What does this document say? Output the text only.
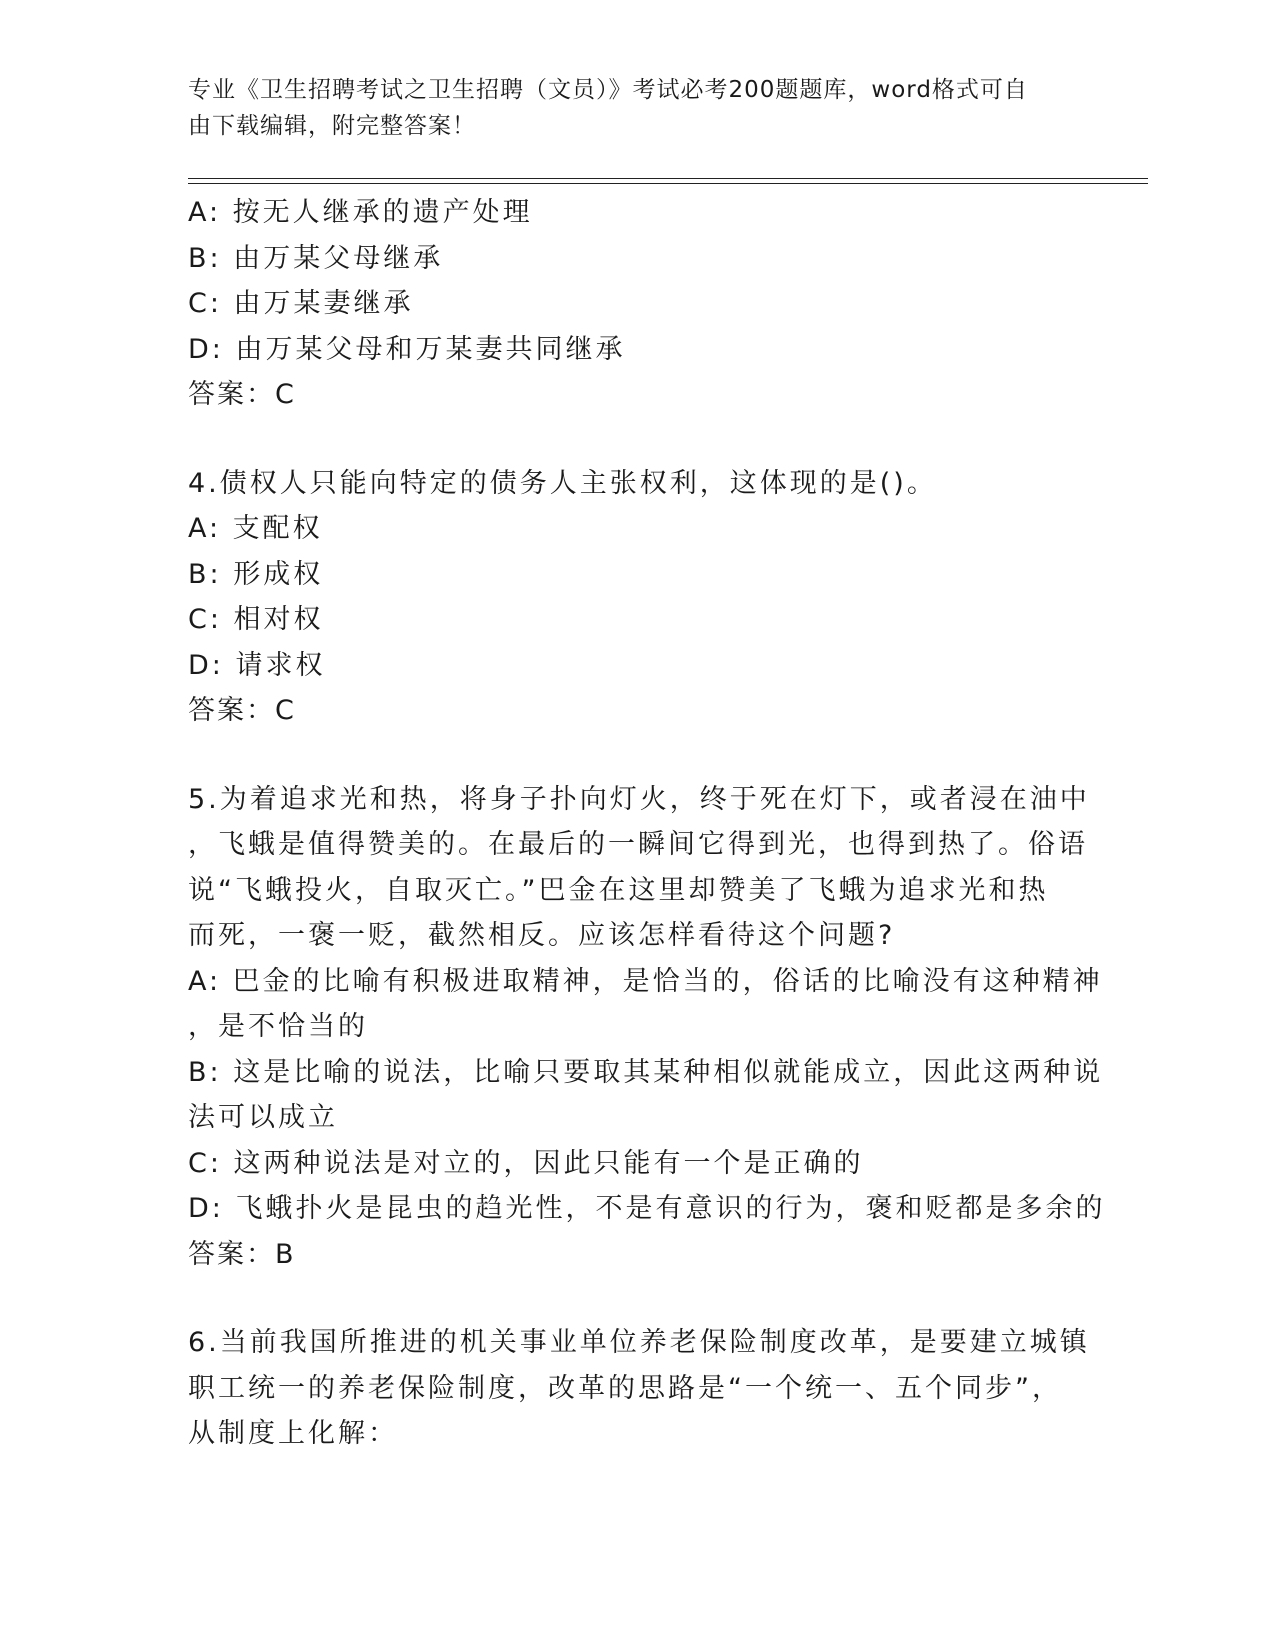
专业《卫生招聘考试之卫生招聘（文员）》考试必考200题题库，word格式可自
由下载编辑，附完整答案！
A: 按无人继承的遗产处理
B: 由万某父母继承
C: 由万某妻继承
D: 由万某父母和万某妻共同继承
答案：C
4.债权人只能向特定的债务人主张权利，这体现的是()。
A: 支配权
B: 形成权
C: 相对权
D: 请求权
答案：C
5.为着追求光和热，将身子扑向灯火，终于死在灯下，或者浸在油中
，飞蛾是值得赞美的。在最后的一瞬间它得到光，也得到热了。俗语
说“飞蛾投火，自取灭亡。”巴金在这里却赞美了飞蛾为追求光和热
而死，一褒一贬，截然相反。应该怎样看待这个问题?
A: 巴金的比喻有积极进取精神，是恰当的，俗话的比喻没有这种精神
，是不恰当的
B: 这是比喻的说法，比喻只要取其某种相似就能成立，因此这两种说
法可以成立
C: 这两种说法是对立的，因此只能有一个是正确的
D: 飞蛾扑火是昆虫的趋光性，不是有意识的行为，褒和贬都是多余的
答案：B
6.当前我国所推进的机关事业单位养老保险制度改革，是要建立城镇
职工统一的养老保险制度，改革的思路是“一个统一、五个同步”，
从制度上化解：
